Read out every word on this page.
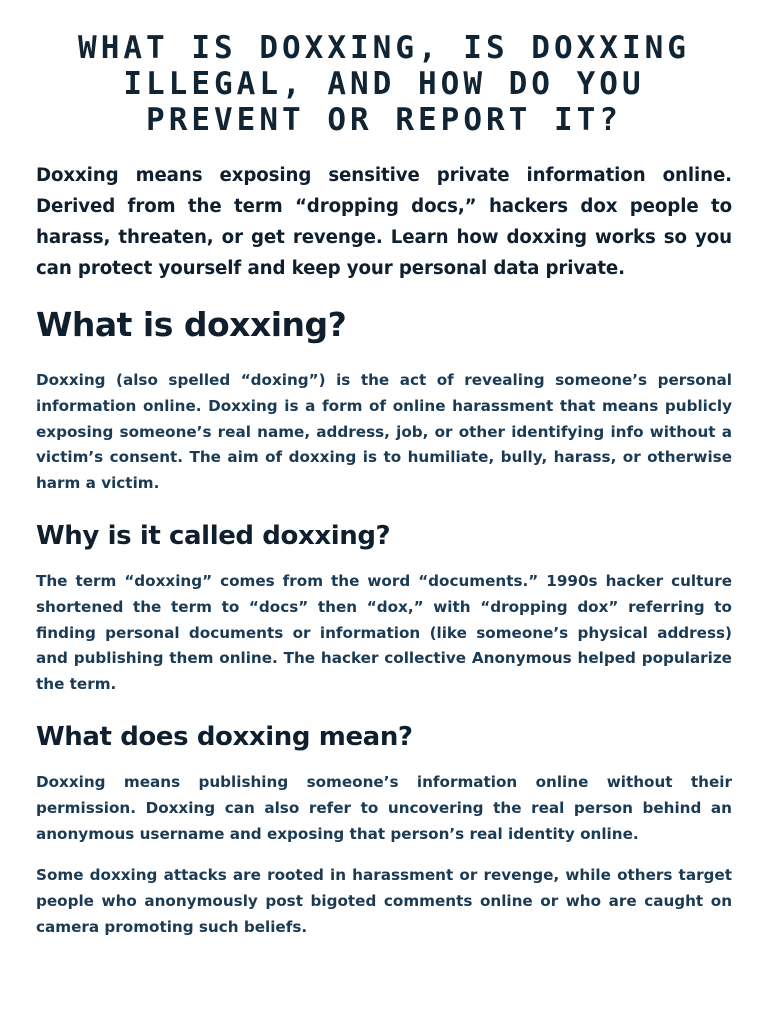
WHAT IS DOXXING, IS DOXXING ILLEGAL, AND HOW DO YOU PREVENT OR REPORT IT?

Doxxing means exposing sensitive private information online. Derived from the term “dropping docs,” hackers dox people to harass, threaten, or get revenge. Learn how doxxing works so you can protect yourself and keep your personal data private.

What is doxxing?

Doxxing (also spelled “doxing”) is the act of revealing someone’s personal information online. Doxxing is a form of online harassment that means publicly exposing someone’s real name, address, job, or other identifying info without a victim’s consent. The aim of doxxing is to humiliate, bully, harass, or otherwise harm a victim.

Why is it called doxxing?

The term “doxxing” comes from the word “documents.” 1990s hacker culture shortened the term to “docs” then “dox,” with “dropping dox” referring to finding personal documents or information (like someone’s physical address) and publishing them online. The hacker collective Anonymous helped popularize the term.

What does doxxing mean?

Doxxing means publishing someone’s information online without their permission. Doxxing can also refer to uncovering the real person behind an anonymous username and exposing that person’s real identity online.

Some doxxing attacks are rooted in harassment or revenge, while others target people who anonymously post bigoted comments online or who are caught on camera promoting such beliefs.
